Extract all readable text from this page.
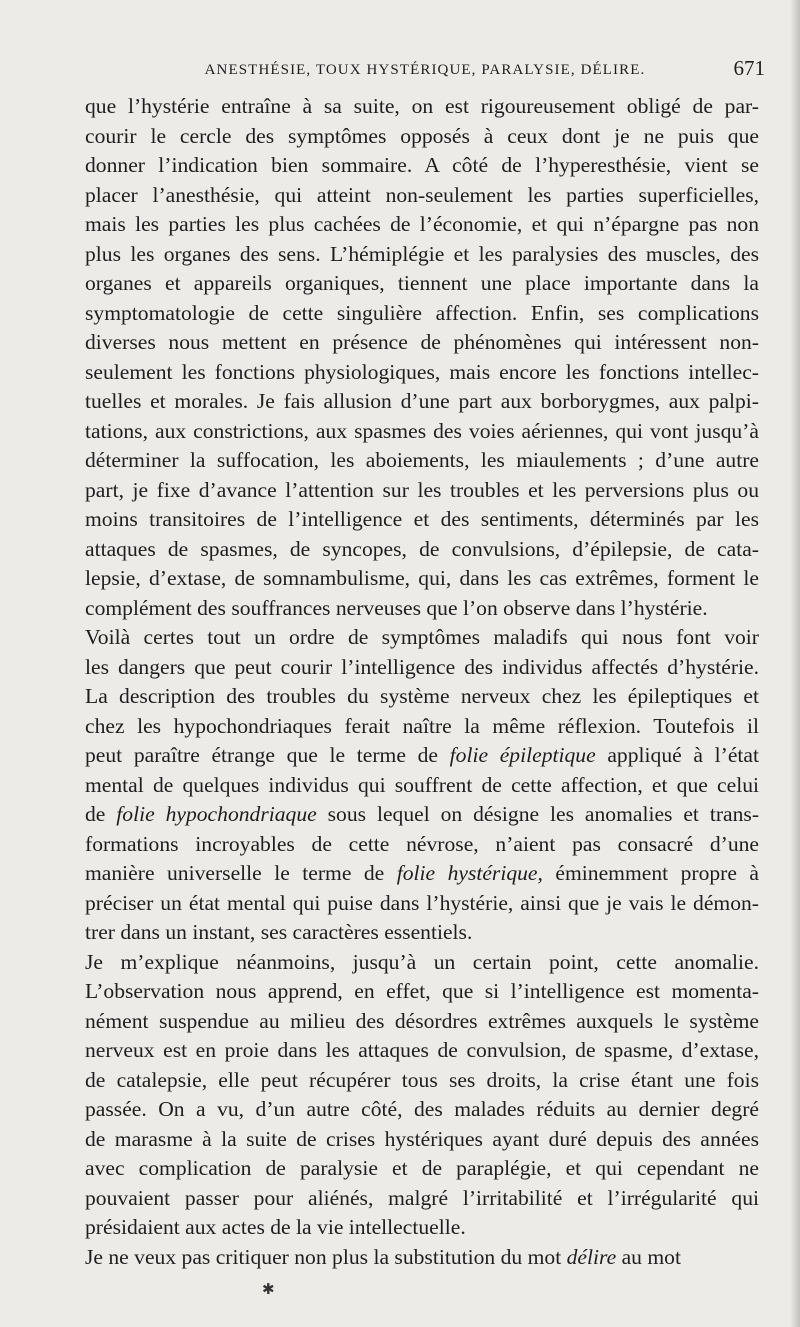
ANESTHÉSIE, TOUX HYSTÉRIQUE, PARALYSIE, DÉLIRE.	671
que l’hystérie entraîne à sa suite, on est rigoureusement obligé de par-
courir le cercle des symptômes opposés à ceux dont je ne puis que
donner l’indication bien sommaire. A côté de l’hyperesthésie, vient se
placer l’anesthésie, qui atteint non-seulement les parties superficielles,
mais les parties les plus cachées de l’économie, et qui n’épargne pas non
plus les organes des sens. L’hémiplégie et les paralysies des muscles, des
organes et appareils organiques, tiennent une place importante dans la
symptomatologie de cette singulière affection. Enfin, ses complications
diverses nous mettent en présence de phénomènes qui intéressent non-
seulement les fonctions physiologiques, mais encore les fonctions intellec-
tuelles et morales. Je fais allusion d’une part aux borborygmes, aux palpi-
tations, aux constrictions, aux spasmes des voies aériennes, qui vont jusqu’à
déterminer la suffocation, les aboiements, les miaulements ; d’une autre
part, je fixe d’avance l’attention sur les troubles et les perversions plus ou
moins transitoires de l’intelligence et des sentiments, déterminés par les
attaques de spasmes, de syncopes, de convulsions, d’épilepsie, de cata-
lepsie, d’extase, de somnambulisme, qui, dans les cas extrêmes, forment le
complément des souffrances nerveuses que l’on observe dans l’hystérie.
Voilà certes tout un ordre de symptômes maladifs qui nous font voir
les dangers que peut courir l’intelligence des individus affectés d’hystérie.
La description des troubles du système nerveux chez les épileptiques et
chez les hypochondriaques ferait naître la même réflexion. Toutefois il
peut paraître étrange que le terme de folie épileptique appliqué à l’état
mental de quelques individus qui souffrent de cette affection, et que celui
de folie hypochondriaque sous lequel on désigne les anomalies et trans-
formations incroyables de cette névrose, n’aient pas consacré d’une
manière universelle le terme de folie hystérique, éminemment propre à
préciser un état mental qui puise dans l’hystérie, ainsi que je vais le démon-
trer dans un instant, ses caractères essentiels.
Je m’explique néanmoins, jusqu’à un certain point, cette anomalie.
L’observation nous apprend, en effet, que si l’intelligence est momenta-
nément suspendue au milieu des désordres extrêmes auxquels le système
nerveux est en proie dans les attaques de convulsion, de spasme, d’extase,
de catalepsie, elle peut récupérer tous ses droits, la crise étant une fois
passée. On a vu, d’un autre côté, des malades réduits au dernier degré
de marasme à la suite de crises hystériques ayant duré depuis des années
avec complication de paralysie et de paraplégie, et qui cependant ne
pouvaient passer pour aliénés, malgré l’irritabilité et l’irrégularité qui
présidaient aux actes de la vie intellectuelle.
Je ne veux pas critiquer non plus la substitution du mot délire au mot
✱
